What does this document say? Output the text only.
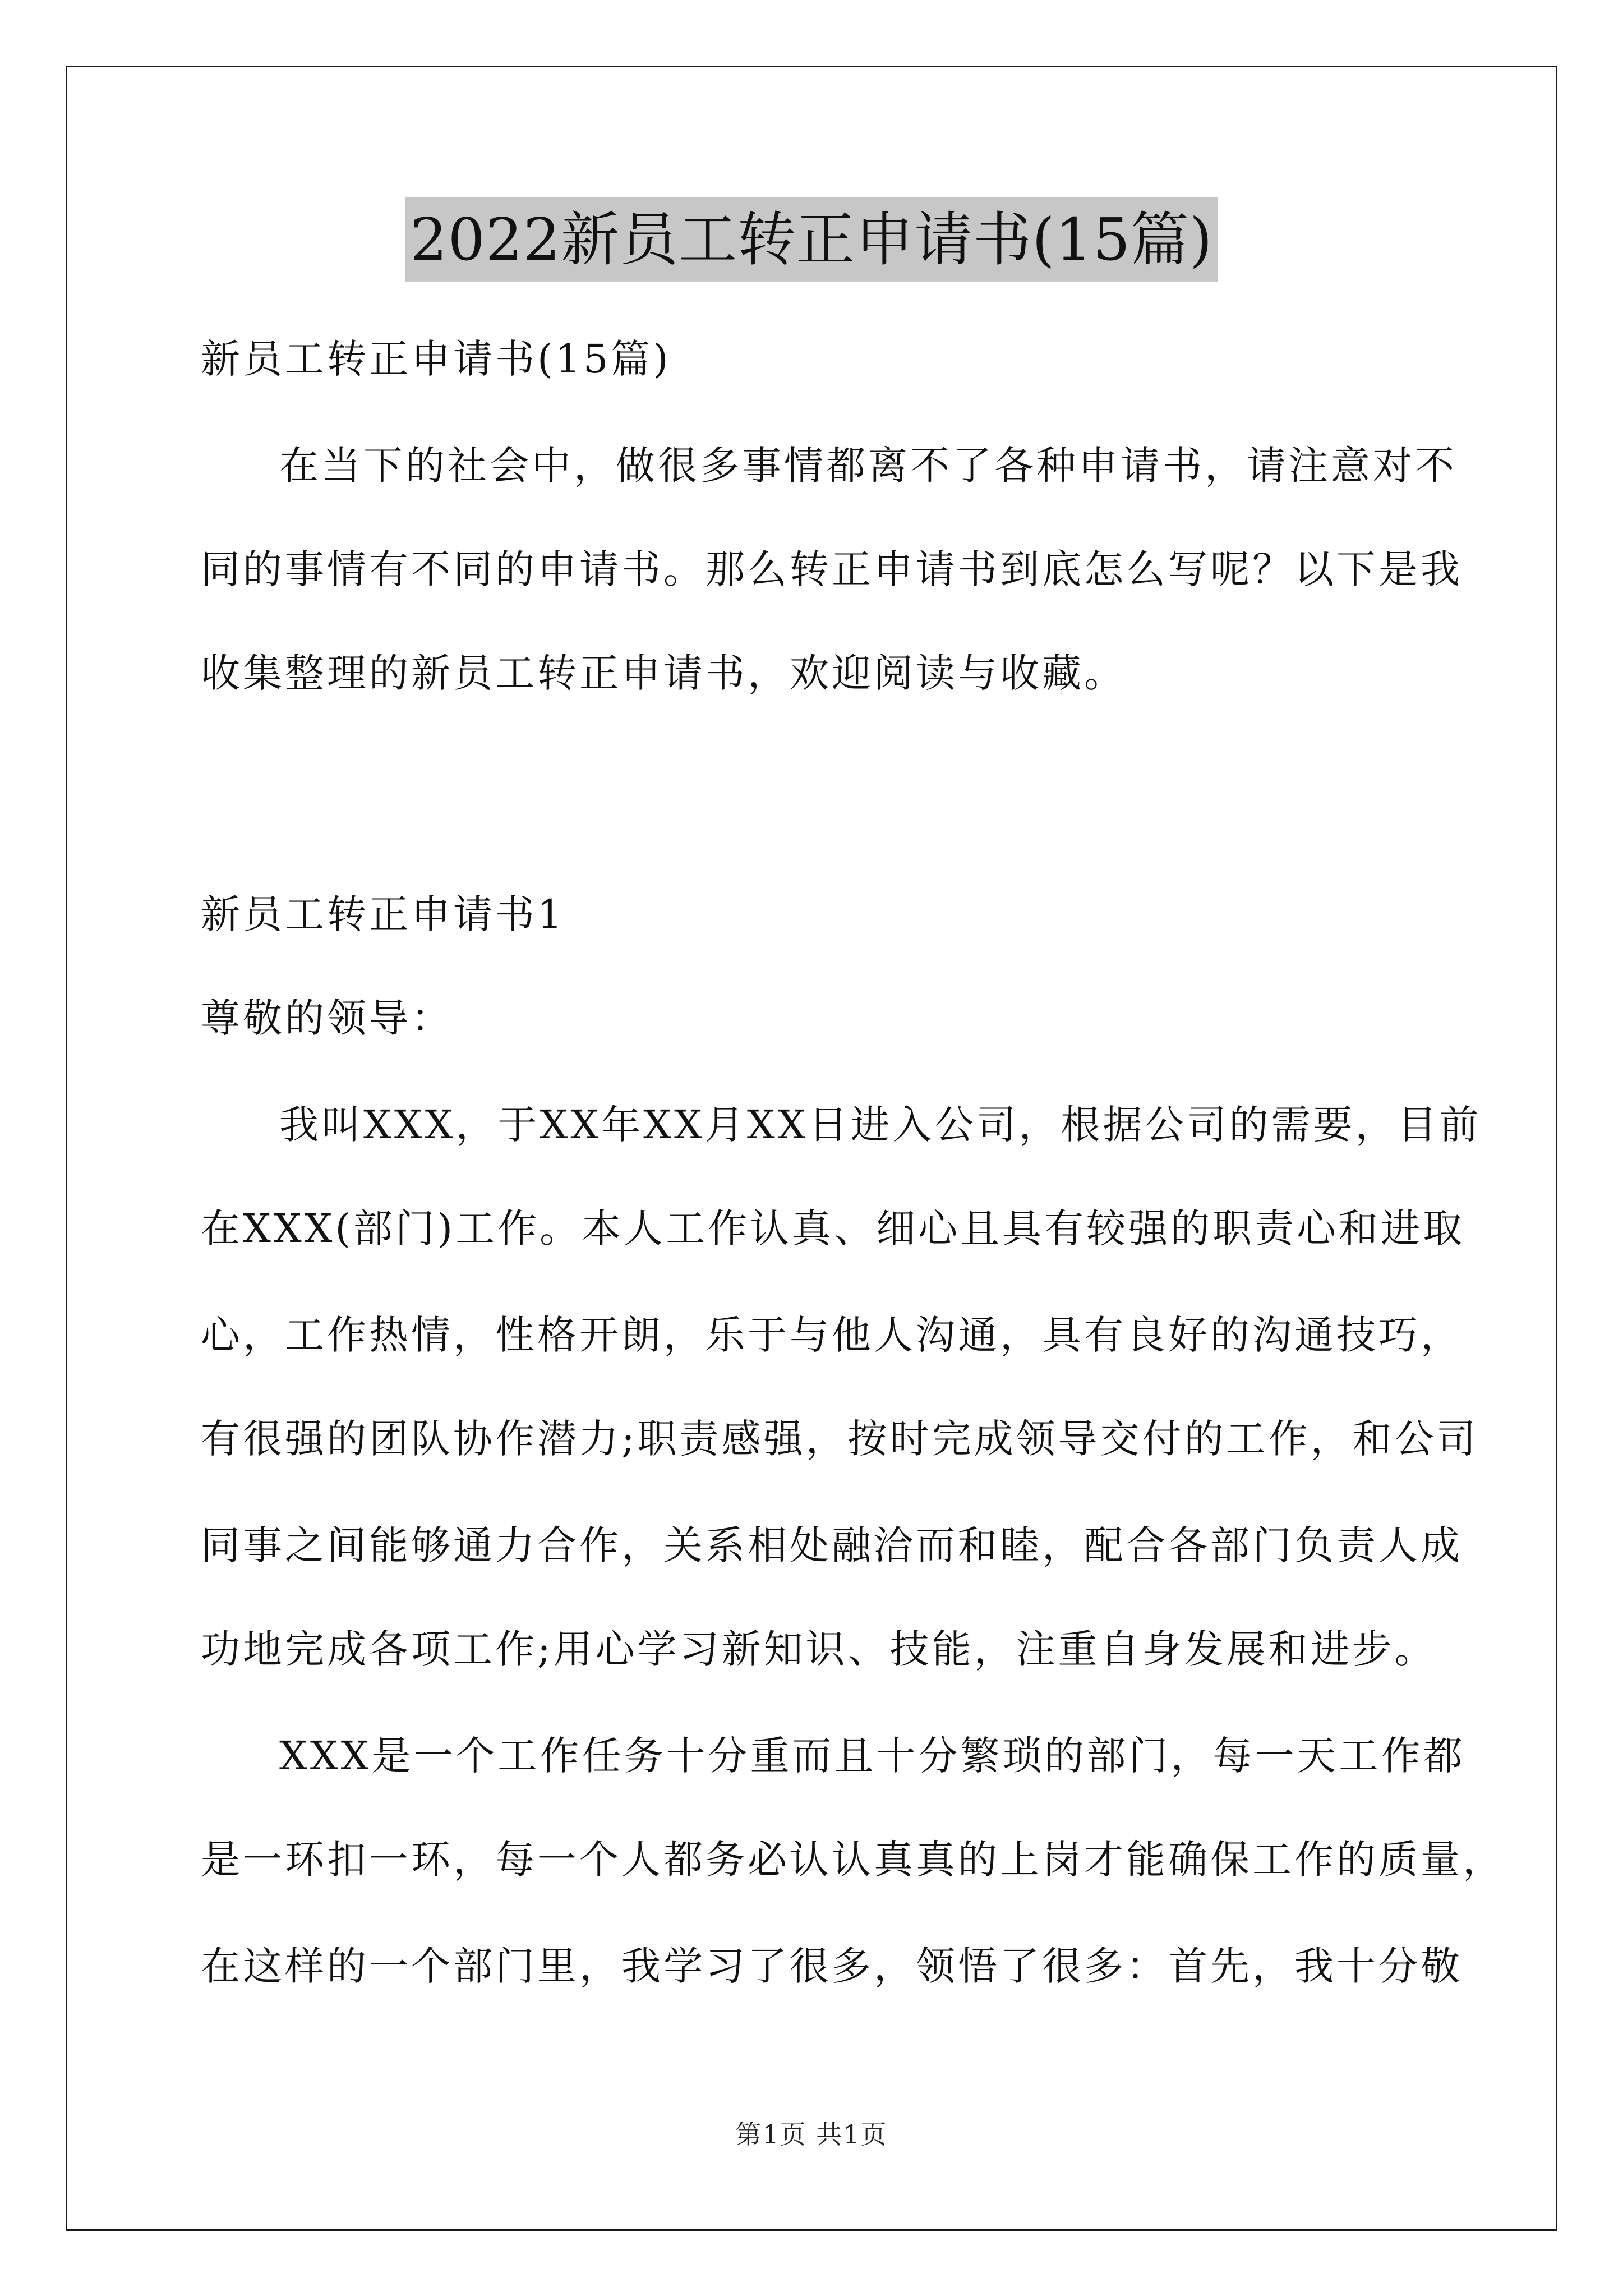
2022新员工转正申请书(15篇)
新员工转正申请书(15篇)
在当下的社会中，做很多事情都离不了各种申请书，请注意对不
同的事情有不同的申请书。那么转正申请书到底怎么写呢？以下是我
收集整理的新员工转正申请书，欢迎阅读与收藏。
新员工转正申请书1
尊敬的领导：
我叫XXX，于XX年XX月XX日进入公司，根据公司的需要，目前
在XXX(部门)工作。本人工作认真、细心且具有较强的职责心和进取
心，工作热情，性格开朗，乐于与他人沟通，具有良好的沟通技巧，
有很强的团队协作潜力;职责感强，按时完成领导交付的工作，和公司
同事之间能够通力合作，关系相处融洽而和睦，配合各部门负责人成
功地完成各项工作;用心学习新知识、技能，注重自身发展和进步。
XXX是一个工作任务十分重而且十分繁琐的部门，每一天工作都
是一环扣一环，每一个人都务必认认真真的上岗才能确保工作的质量，
在这样的一个部门里，我学习了很多，领悟了很多：首先，我十分敬
第1页 共1页
